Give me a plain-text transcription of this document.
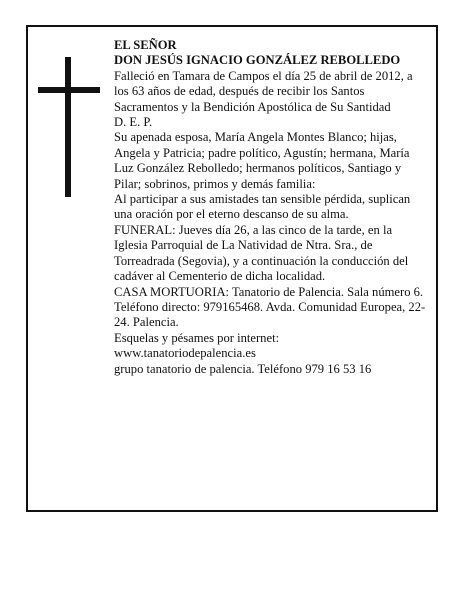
EL SEÑOR

DON JESÚS IGNACIO GONZÁLEZ REBOLLEDO

Falleció en Tamara de Campos el día 25 de abril de 2012, a los 63 años de edad, después de recibir los Santos Sacramentos y la Bendición Apostólica de Su Santidad

D. E. P.

Su apenada esposa, María Angela Montes Blanco; hijas, Angela y Patricia; padre político, Agustín; hermana, María Luz González Rebolledo; hermanos políticos, Santiago y Pilar; sobrinos, primos y demás familia:

Al participar a sus amistades tan sensible pérdida, suplican una oración por el eterno descanso de su alma.

FUNERAL: Jueves día 26, a las cinco de la tarde, en la Iglesia Parroquial de La Natividad de Ntra. Sra., de Torreadrada (Segovia), y a continuación la conducción del cadáver al Cementerio de dicha localidad.

CASA MORTUORIA: Tanatorio de Palencia. Sala número 6. Teléfono directo: 979165468. Avda. Comunidad Europea, 22-24. Palencia.

Esquelas y pésames por internet:

www.tanatoriodepalencia.es

grupo tanatorio de palencia. Teléfono 979 16 53 16
